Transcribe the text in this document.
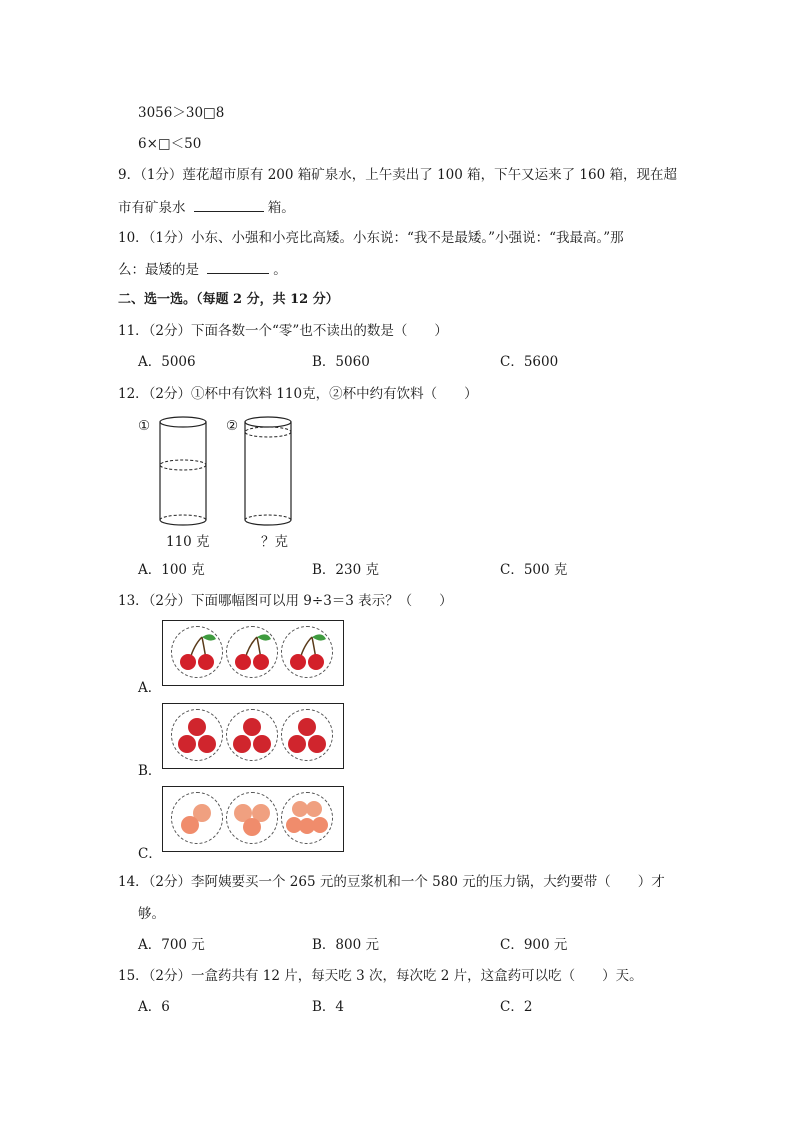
3056＞30□8
6×□＜50
9．（1分）莲花超市原有 200 箱矿泉水，上午卖出了 100 箱，下午又运来了 160 箱，现在超
市有矿泉水	箱。
10．（1分）小东、小强和小亮比高矮。小东说：“我不是最矮。”小强说：“我最高。”那
么：最矮的是	。
二、选一选。（每题 2 分，共 12 分）
11．（2分）下面各数一个“零”也不读出的数是（　　）
A．5006	B．5060	C．5600
12．（2分）①杯中有饮料 110克，②杯中约有饮料（　　）
①	②
110 克	？克
A．100 克	B．230 克	C．500 克
13．（2分）下面哪幅图可以用 9÷3＝3 表示？（　　）
A．
B．
C．
14．（2分）李阿姨要买一个 265 元的豆浆机和一个 580 元的压力锅，大约要带（　　）才
够。
A．700 元	B．800 元	C．900 元
15．（2分）一盒药共有 12 片，每天吃 3 次，每次吃 2 片，这盒药可以吃（　　）天。
A．6	B．4	C．2
